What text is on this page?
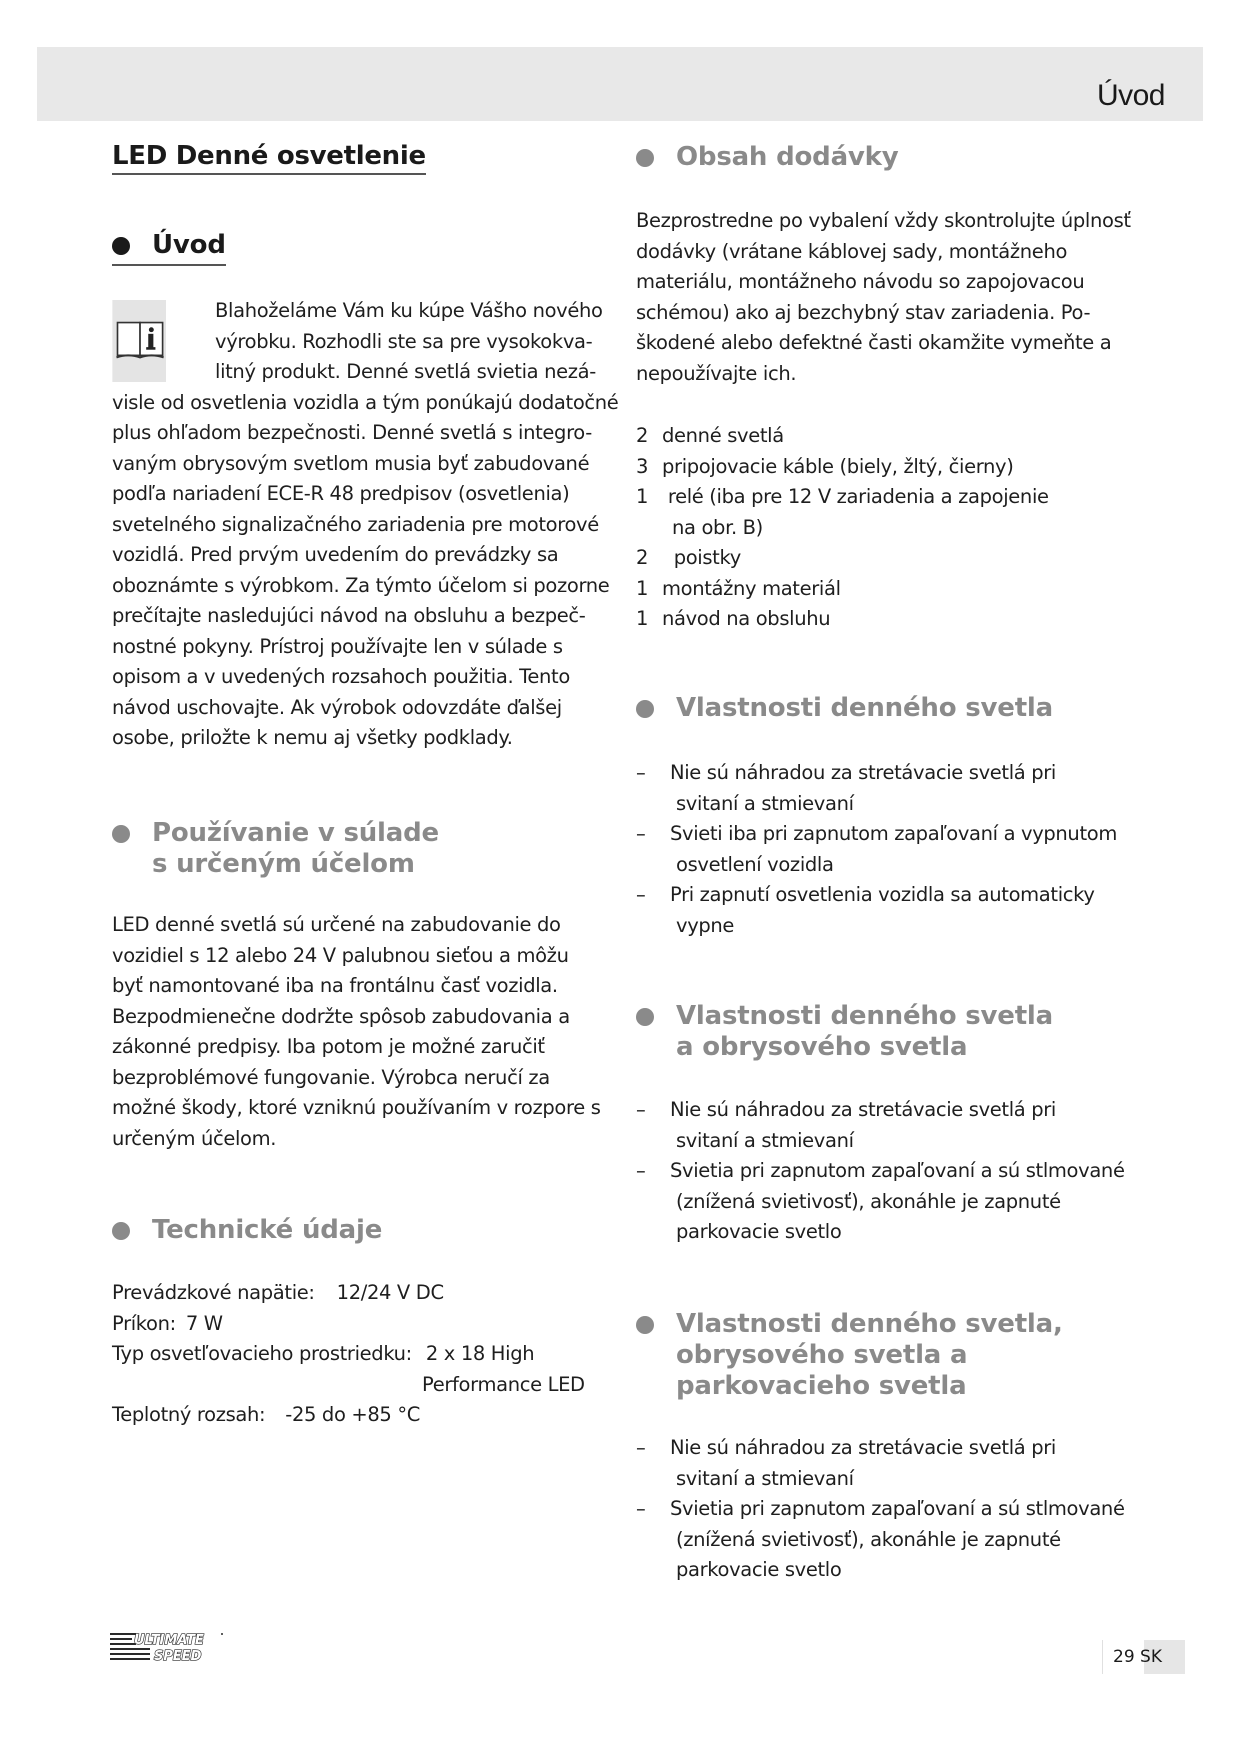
Úvod
LED Denné osvetlenie
Úvod
Blahoželáme Vám ku kúpe Vášho nového
výrobku. Rozhodli ste sa pre vysokokva-
litný produkt. Denné svetlá svietia nezá-
visle od osvetlenia vozidla a tým ponúkajú dodatočné
plus ohľadom bezpečnosti. Denné svetlá s integro-
vaným obrysovým svetlom musia byť zabudované
podľa nariadení ECE-R 48 predpisov (osvetlenia)
svetelného signalizačného zariadenia pre motorové
vozidlá. Pred prvým uvedením do prevádzky sa
oboznámte s výrobkom. Za týmto účelom si pozorne
prečítajte nasledujúci návod na obsluhu a bezpeč-
nostné pokyny. Prístroj používajte len v súlade s
opisom a v uvedených rozsahoch použitia. Tento
návod uschovajte. Ak výrobok odovzdáte ďalšej
osobe, priložte k nemu aj všetky podklady.
Používanie v súlade
s určeným účelom
LED denné svetlá sú určené na zabudovanie do
vozidiel s 12 alebo 24 V palubnou sieťou a môžu
byť namontované iba na frontálnu časť vozidla.
Bezpodmienečne dodržte spôsob zabudovania a
zákonné predpisy. Iba potom je možné zaručiť
bezproblémové fungovanie. Výrobca neručí za
možné škody, ktoré vzniknú používaním v rozpore s
určeným účelom.
Technické údaje
Prevádzkové napätie: 12/24 V DC
Príkon: 7 W
Typ osvetľovacieho prostriedku: 2 x 18 High
Performance LED
Teplotný rozsah: -25 do +85 °C
Obsah dodávky
Bezprostredne po vybalení vždy skontrolujte úplnosť
dodávky (vrátane káblovej sady, montážneho
materiálu, montážneho návodu so zapojovacou
schémou) ako aj bezchybný stav zariadenia. Po-
škodené alebo defektné časti okamžite vymeňte a
nepoužívajte ich.
2 denné svetlá
3 pripojovacie káble (biely, žltý, čierny)
1 relé (iba pre 12 V zariadenia a zapojenie
na obr. B)
2  poistky
1 montážny materiál
1 návod na obsluhu
Vlastnosti denného svetla
– Nie sú náhradou za stretávacie svetlá pri
svitaní a stmievaní
– Svieti iba pri zapnutom zapaľovaní a vypnutom
osvetlení vozidla
– Pri zapnutí osvetlenia vozidla sa automaticky
vypne
Vlastnosti denného svetla
a obrysového svetla
– Nie sú náhradou za stretávacie svetlá pri
svitaní a stmievaní
– Svietia pri zapnutom zapaľovaní a sú stlmované
(znížená svietivosť), akonáhle je zapnuté
parkovacie svetlo
Vlastnosti denného svetla,
obrysového svetla a
parkovacieho svetla
– Nie sú náhradou za stretávacie svetlá pri
svitaní a stmievaní
– Svietia pri zapnutom zapaľovaní a sú stlmované
(znížená svietivosť), akonáhle je zapnuté
parkovacie svetlo
ULTIMATE
SPEED	29 SK
